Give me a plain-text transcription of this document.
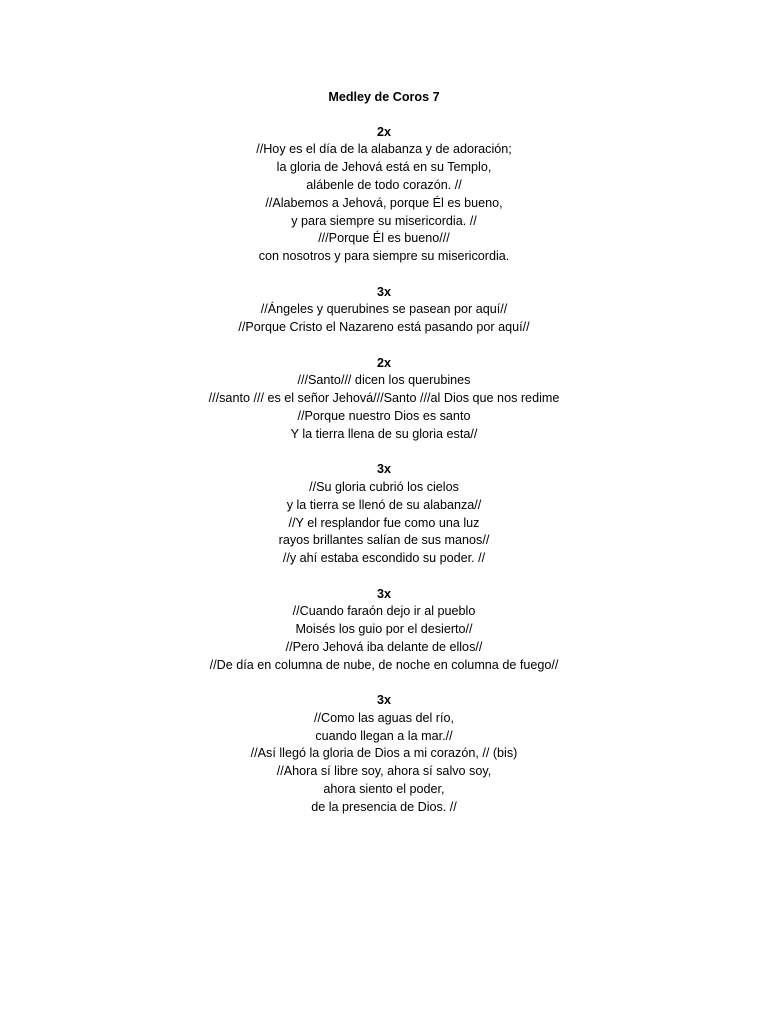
Medley de Coros 7
2x
//Hoy es el día de la alabanza y de adoración;
la gloria de Jehová está en su Templo,
alábenle de todo corazón. //
//Alabemos a Jehová, porque Él es bueno,
y para siempre su misericordia. //
///Porque Él es bueno///
con nosotros y para siempre su misericordia.
3x
//Ángeles y querubines se pasean por aquí//
//Porque Cristo el Nazareno está pasando por aquí//
2x
///Santo/// dicen los querubines
///santo /// es el señor Jehová///Santo ///al Dios que nos redime
//Porque nuestro Dios es santo
Y la tierra llena de su gloria esta//
3x
//Su gloria cubrió los cielos
y la tierra se llenó de su alabanza//
//Y el resplandor fue como una luz
rayos brillantes salían de sus manos//
//y ahí estaba escondido su poder. //
3x
//Cuando faraón dejo ir al pueblo
Moisés los guio por el desierto//
//Pero Jehová iba delante de ellos//
//De día en columna de nube, de noche en columna de fuego//
3x
//Como las aguas del río,
cuando llegan a la mar.//
//Así llegó la gloria de Dios a mi corazón, // (bis)
//Ahora sí libre soy, ahora sí salvo soy,
ahora siento el poder,
de la presencia de Dios. //
